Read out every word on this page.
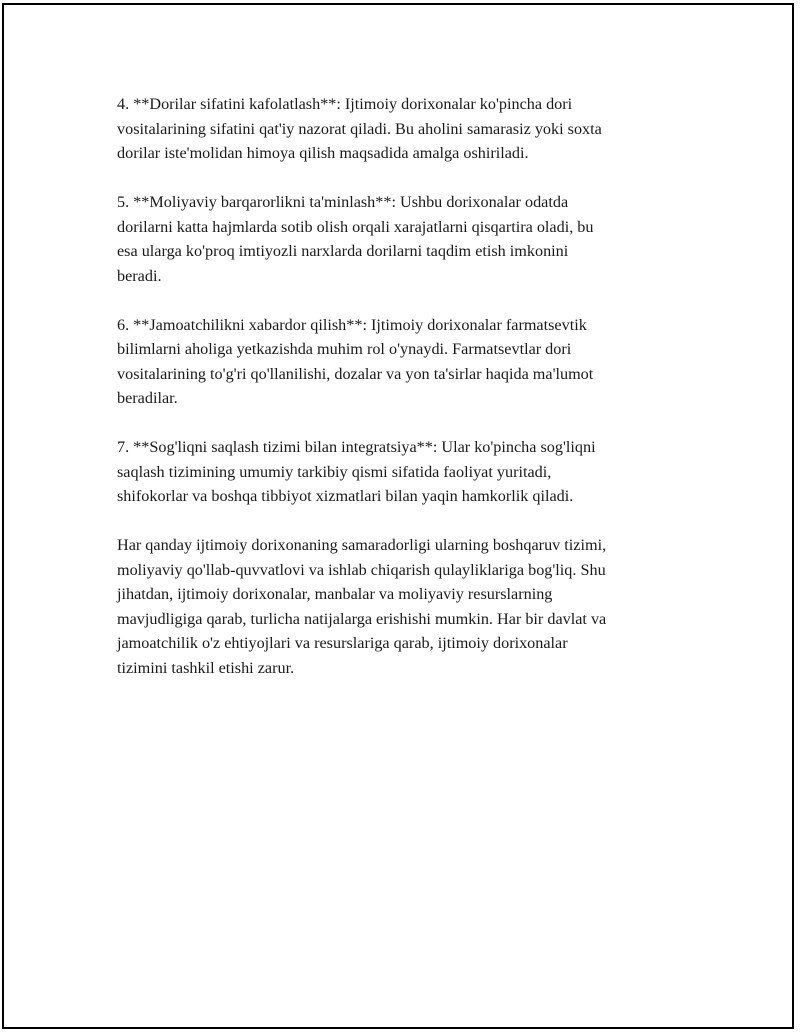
4. **Dorilar sifatini kafolatlash**: Ijtimoiy dorixonalar ko'pincha dori
vositalarining sifatini qat'iy nazorat qiladi. Bu aholini samarasiz yoki soxta
dorilar iste'molidan himoya qilish maqsadida amalga oshiriladi.

5. **Moliyaviy barqarorlikni ta'minlash**: Ushbu dorixonalar odatda
dorilarni katta hajmlarda sotib olish orqali xarajatlarni qisqartira oladi, bu
esa ularga ko'proq imtiyozli narxlarda dorilarni taqdim etish imkonini
beradi.

6. **Jamoatchilikni xabardor qilish**: Ijtimoiy dorixonalar farmatsevtik
bilimlarni aholiga yetkazishda muhim rol o'ynaydi. Farmatsevtlar dori
vositalarining to'g'ri qo'llanilishi, dozalar va yon ta'sirlar haqida ma'lumot
beradilar.

7. **Sog'liqni saqlash tizimi bilan integratsiya**: Ular ko'pincha sog'liqni
saqlash tizimining umumiy tarkibiy qismi sifatida faoliyat yuritadi,
shifokorlar va boshqa tibbiyot xizmatlari bilan yaqin hamkorlik qiladi.

Har qanday ijtimoiy dorixonaning samaradorligi ularning boshqaruv tizimi,
moliyaviy qo'llab-quvvatlovi va ishlab chiqarish qulayliklariga bog'liq. Shu
jihatdan, ijtimoiy dorixonalar, manbalar va moliyaviy resurslarning
mavjudligiga qarab, turlicha natijalarga erishishi mumkin. Har bir davlat va
jamoatchilik o'z ehtiyojlari va resurslariga qarab, ijtimoiy dorixonalar
tizimini tashkil etishi zarur.
